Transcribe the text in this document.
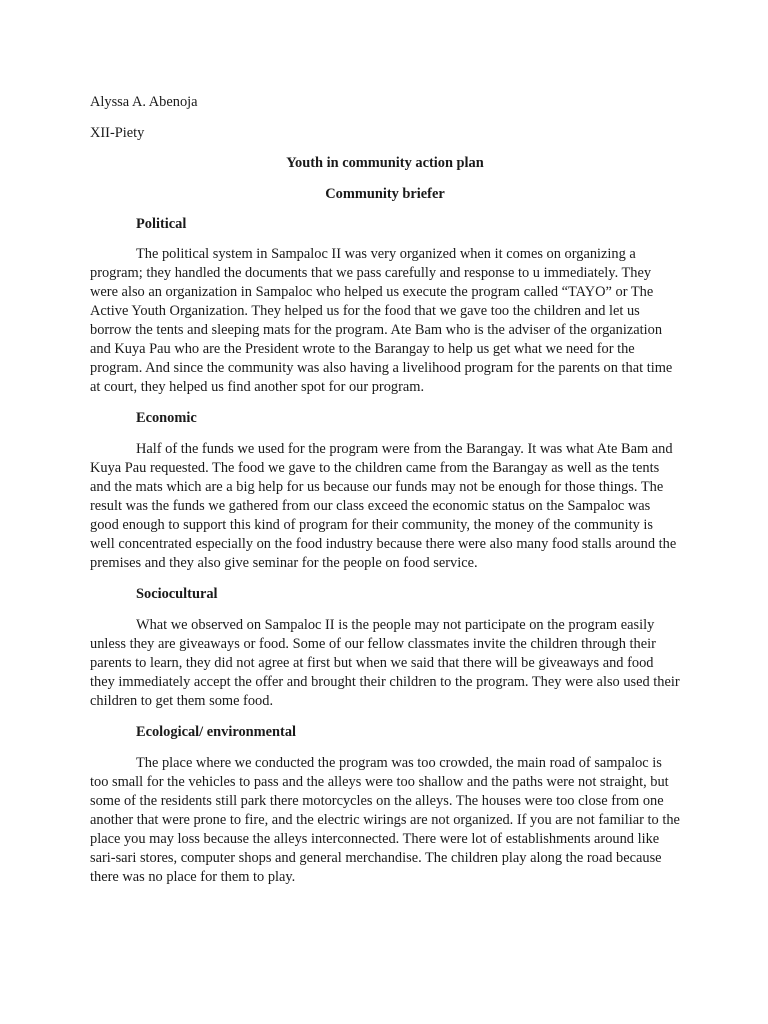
Alyssa A. Abenoja

XII-Piety

Youth in community action plan

Community briefer

Political

The political system in Sampaloc II was very organized when it comes on organizing a program; they handled the documents that we pass carefully and response to u immediately. They were also an organization in Sampaloc who helped us execute the program called “TAYO” or The Active Youth Organization. They helped us for the food that we gave too the children and let us borrow the tents and sleeping mats for the program. Ate Bam who is the adviser of the organization and Kuya Pau who are the President wrote to the Barangay to help us get what we need for the program. And since the community was also having a livelihood program for the parents on that time at court, they helped us find another spot for our program.

Economic

Half of the funds we used for the program were from the Barangay. It was what Ate Bam and Kuya Pau requested. The food we gave to the children came from the Barangay as well as the tents and the mats which are a big help for us because our funds may not be enough for those things. The result was the funds we gathered from our class exceed the economic status on the Sampaloc was good enough to support this kind of program for their community, the money of the community is well concentrated especially on the food industry because there were also many food stalls around the premises and they also give seminar for the people on food service.

Sociocultural

What we observed on Sampaloc II is the people may not participate on the program easily unless they are giveaways or food. Some of our fellow classmates invite the children through their parents to learn, they did not agree at first but when we said that there will be giveaways and food they immediately accept the offer and brought their children to the program. They were also used their children to get them some food.

Ecological/ environmental

The place where we conducted the program was too crowded, the main road of sampaloc is too small for the vehicles to pass and the alleys were too shallow and the paths were not straight, but some of the residents still park there motorcycles on the alleys. The houses were too close from one another that were prone to fire, and the electric wirings are not organized. If you are not familiar to the place you may loss because the alleys interconnected. There were lot of establishments around like sari-sari stores, computer shops and general merchandise. The children play along the road because there was no place for them to play.
